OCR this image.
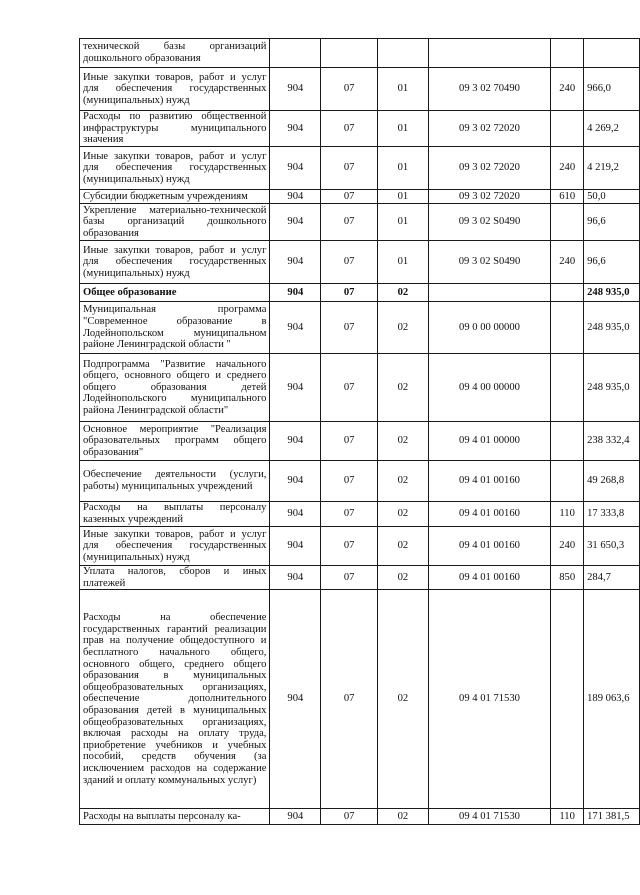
технической базы организаций дошкольного образования						
Иные закупки товаров, работ и услуг для обеспечения государственных (муниципальных) нужд	904	07	01	09 3 02 70490	240	966,0
Расходы по развитию общественной инфраструктуры муниципального значения	904	07	01	09 3 02 72020		4 269,2
Иные закупки товаров, работ и услуг для обеспечения государственных (муниципальных) нужд	904	07	01	09 3 02 72020	240	4 219,2
Субсидии бюджетным учреждениям	904	07	01	09 3 02 72020	610	50,0
Укрепление материально-технической базы организаций дошкольного образования	904	07	01	09 3 02 S0490		96,6
Иные закупки товаров, работ и услуг для обеспечения государственных (муниципальных) нужд	904	07	01	09 3 02 S0490	240	96,6
Общее образование	904	07	02			248 935,0
Муниципальная программа "Современное образование в Лодейнопольском муниципальном районе Ленинградской области "	904	07	02	09 0 00 00000		248 935,0
Подпрограмма "Развитие начального общего, основного общего и среднего общего образования детей Лодейнопольского муниципального района Ленинградской области"	904	07	02	09 4 00 00000		248 935,0
Основное мероприятие "Реализация образовательных программ общего образования"	904	07	02	09 4 01 00000		238 332,4
Обеспечение деятельности (услуги, работы) муниципальных учреждений	904	07	02	09 4 01 00160		49 268,8
Расходы на выплаты персоналу казенных учреждений	904	07	02	09 4 01 00160	110	17 333,8
Иные закупки товаров, работ и услуг для обеспечения государственных (муниципальных) нужд	904	07	02	09 4 01 00160	240	31 650,3
Уплата налогов, сборов и иных платежей	904	07	02	09 4 01 00160	850	284,7
Расходы на обеспечение государственных гарантий реализации прав на получение общедоступного и бесплатного начального общего, основного общего, среднего общего образования в муниципальных общеобразовательных организациях, обеспечение дополнительного образования детей в муниципальных общеобразовательных организациях, включая расходы на оплату труда, приобретение учебников и учебных пособий, средств обучения (за исключением расходов на содержание зданий и оплату коммунальных услуг)	904	07	02	09 4 01 71530		189 063,6
Расходы на выплаты персоналу ка-	904	07	02	09 4 01 71530	110	171 381,5
